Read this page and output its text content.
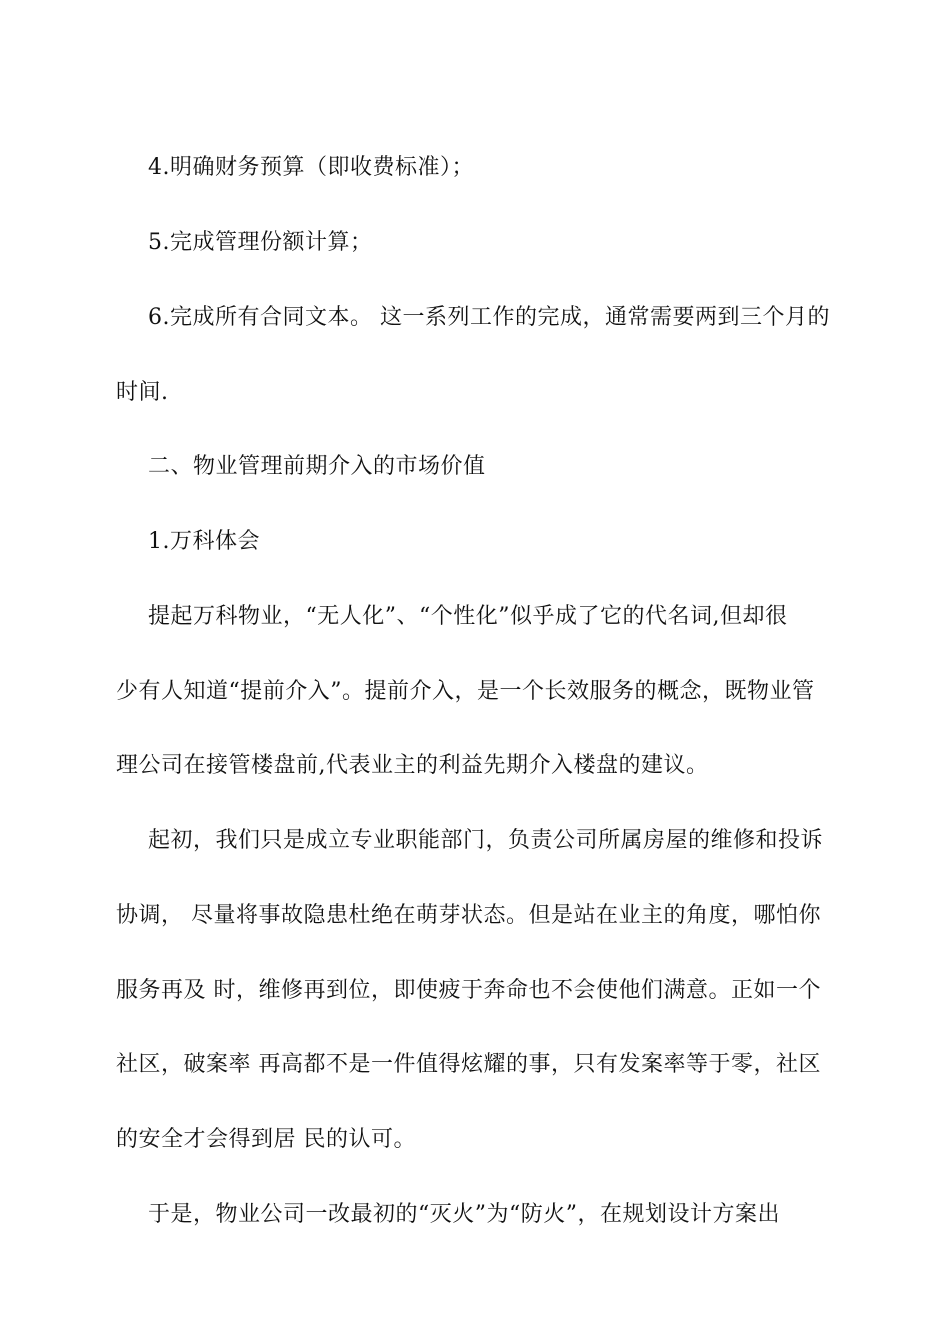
4.明确财务预算（即收费标准）；

5.完成管理份额计算；

6.完成所有合同文本。 这一系列工作的完成，通常需要两到三个月的

时间.

二、物业管理前期介入的市场价值

1.万科体会

提起万科物业，“无人化”、“个性化”似乎成了它的代名词,但却很

少有人知道“提前介入”。提前介入，是一个长效服务的概念，既物业管

理公司在接管楼盘前,代表业主的利益先期介入楼盘的建议。

起初，我们只是成立专业职能部门，负责公司所属房屋的维修和投诉

协调， 尽量将事故隐患杜绝在萌芽状态。但是站在业主的角度，哪怕你

服务再及 时，维修再到位，即使疲于奔命也不会使他们满意。正如一个

社区，破案率 再高都不是一件值得炫耀的事，只有发案率等于零，社区

的安全才会得到居 民的认可。

于是，物业公司一改最初的“灭火”为“防火”，在规划设计方案出
